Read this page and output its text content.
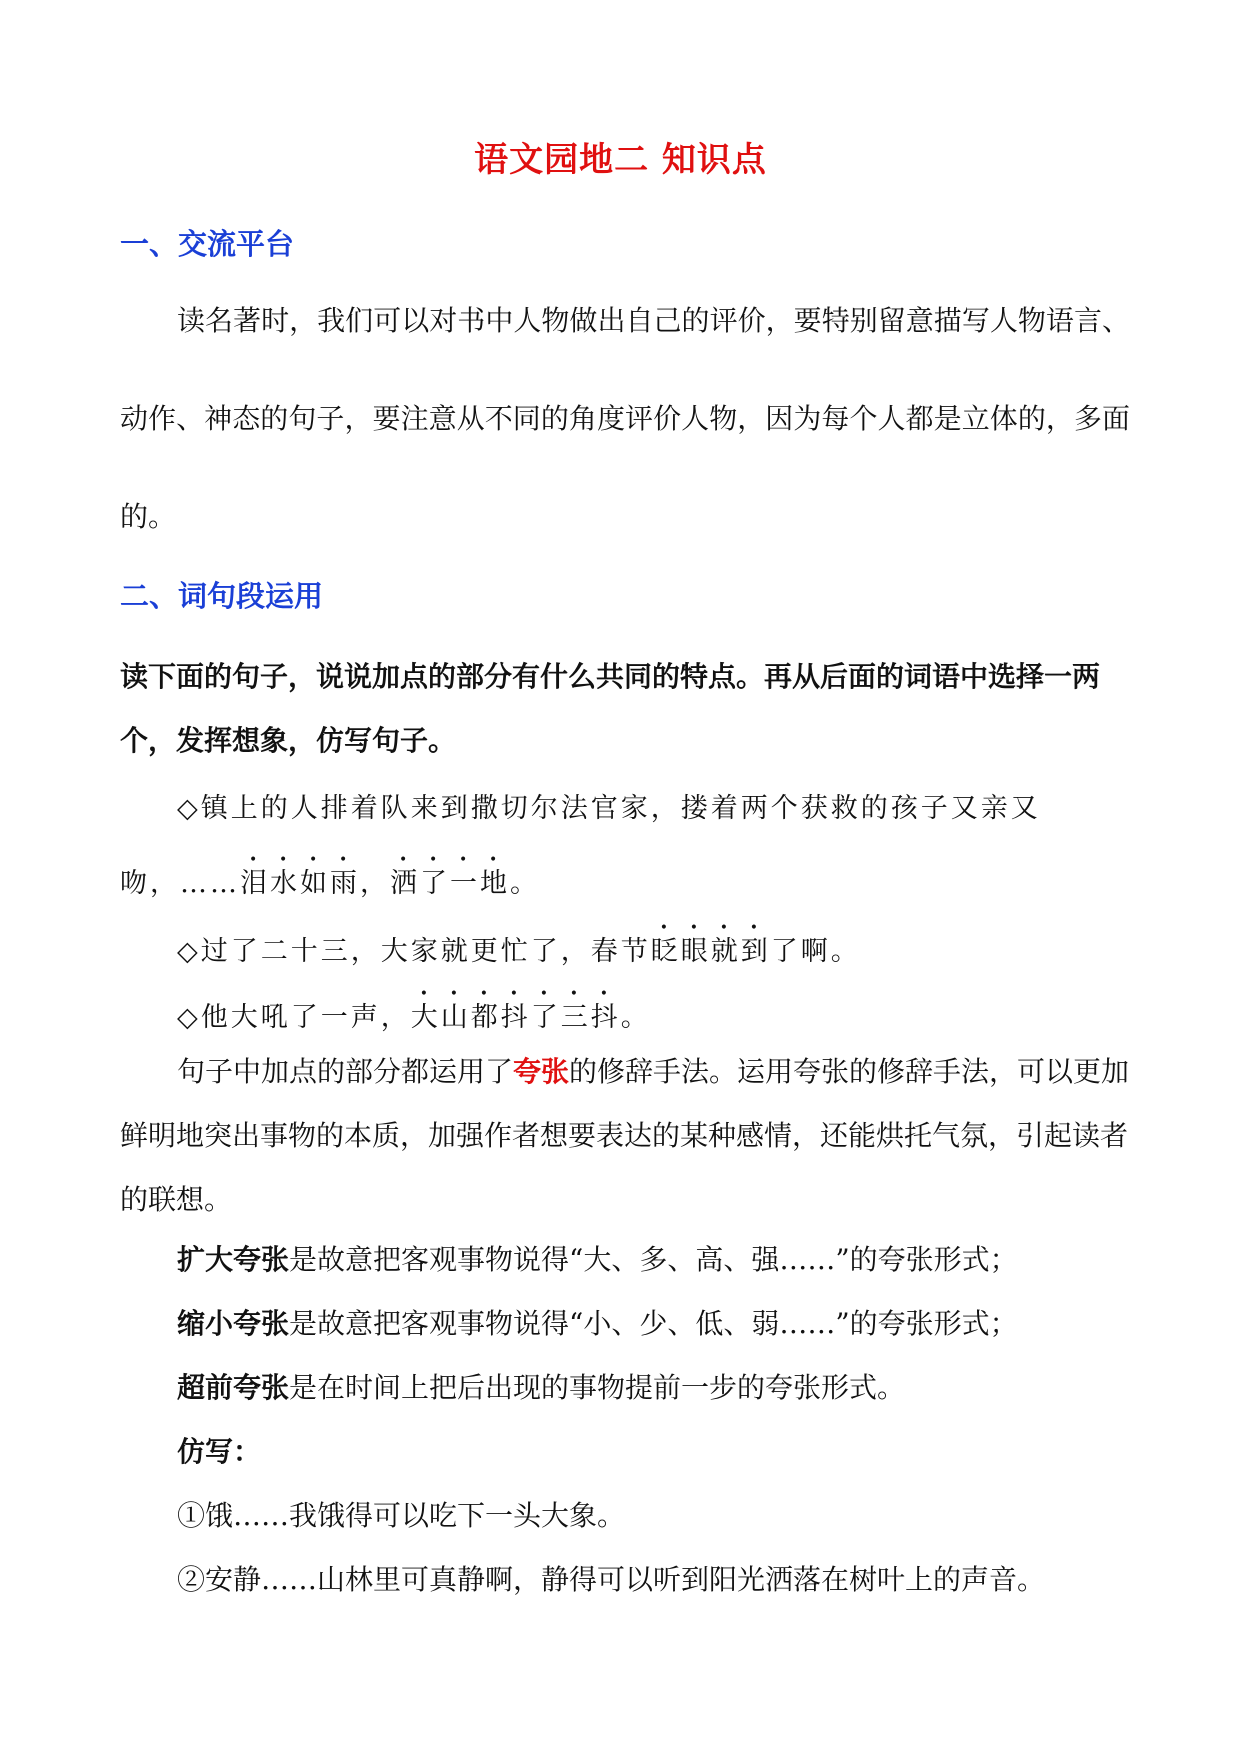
语文园地二 知识点
一、交流平台
读名著时，我们可以对书中人物做出自己的评价，要特别留意描写人物语言、动作、神态的句子，要注意从不同的角度评价人物，因为每个人都是立体的，多面的。
二、词句段运用
读下面的句子，说说加点的部分有什么共同的特点。再从后面的词语中选择一两个，发挥想象，仿写句子。
◇镇上的人排着队来到撒切尔法官家，搂着两个获救的孩子又亲又
吻，……泪水如雨，洒了一地。
◇过了二十三，大家就更忙了，春节眨眼就到了啊。
◇他大吼了一声，大山都抖了三抖。
句子中加点的部分都运用了夸张的修辞手法。运用夸张的修辞手法，可以更加鲜明地突出事物的本质，加强作者想要表达的某种感情，还能烘托气氛，引起读者的联想。
扩大夸张是故意把客观事物说得“大、多、高、强……”的夸张形式；
缩小夸张是故意把客观事物说得“小、少、低、弱……”的夸张形式；
超前夸张是在时间上把后出现的事物提前一步的夸张形式。
仿写：
①饿……我饿得可以吃下一头大象。
②安静……山林里可真静啊，静得可以听到阳光洒落在树叶上的声音。
